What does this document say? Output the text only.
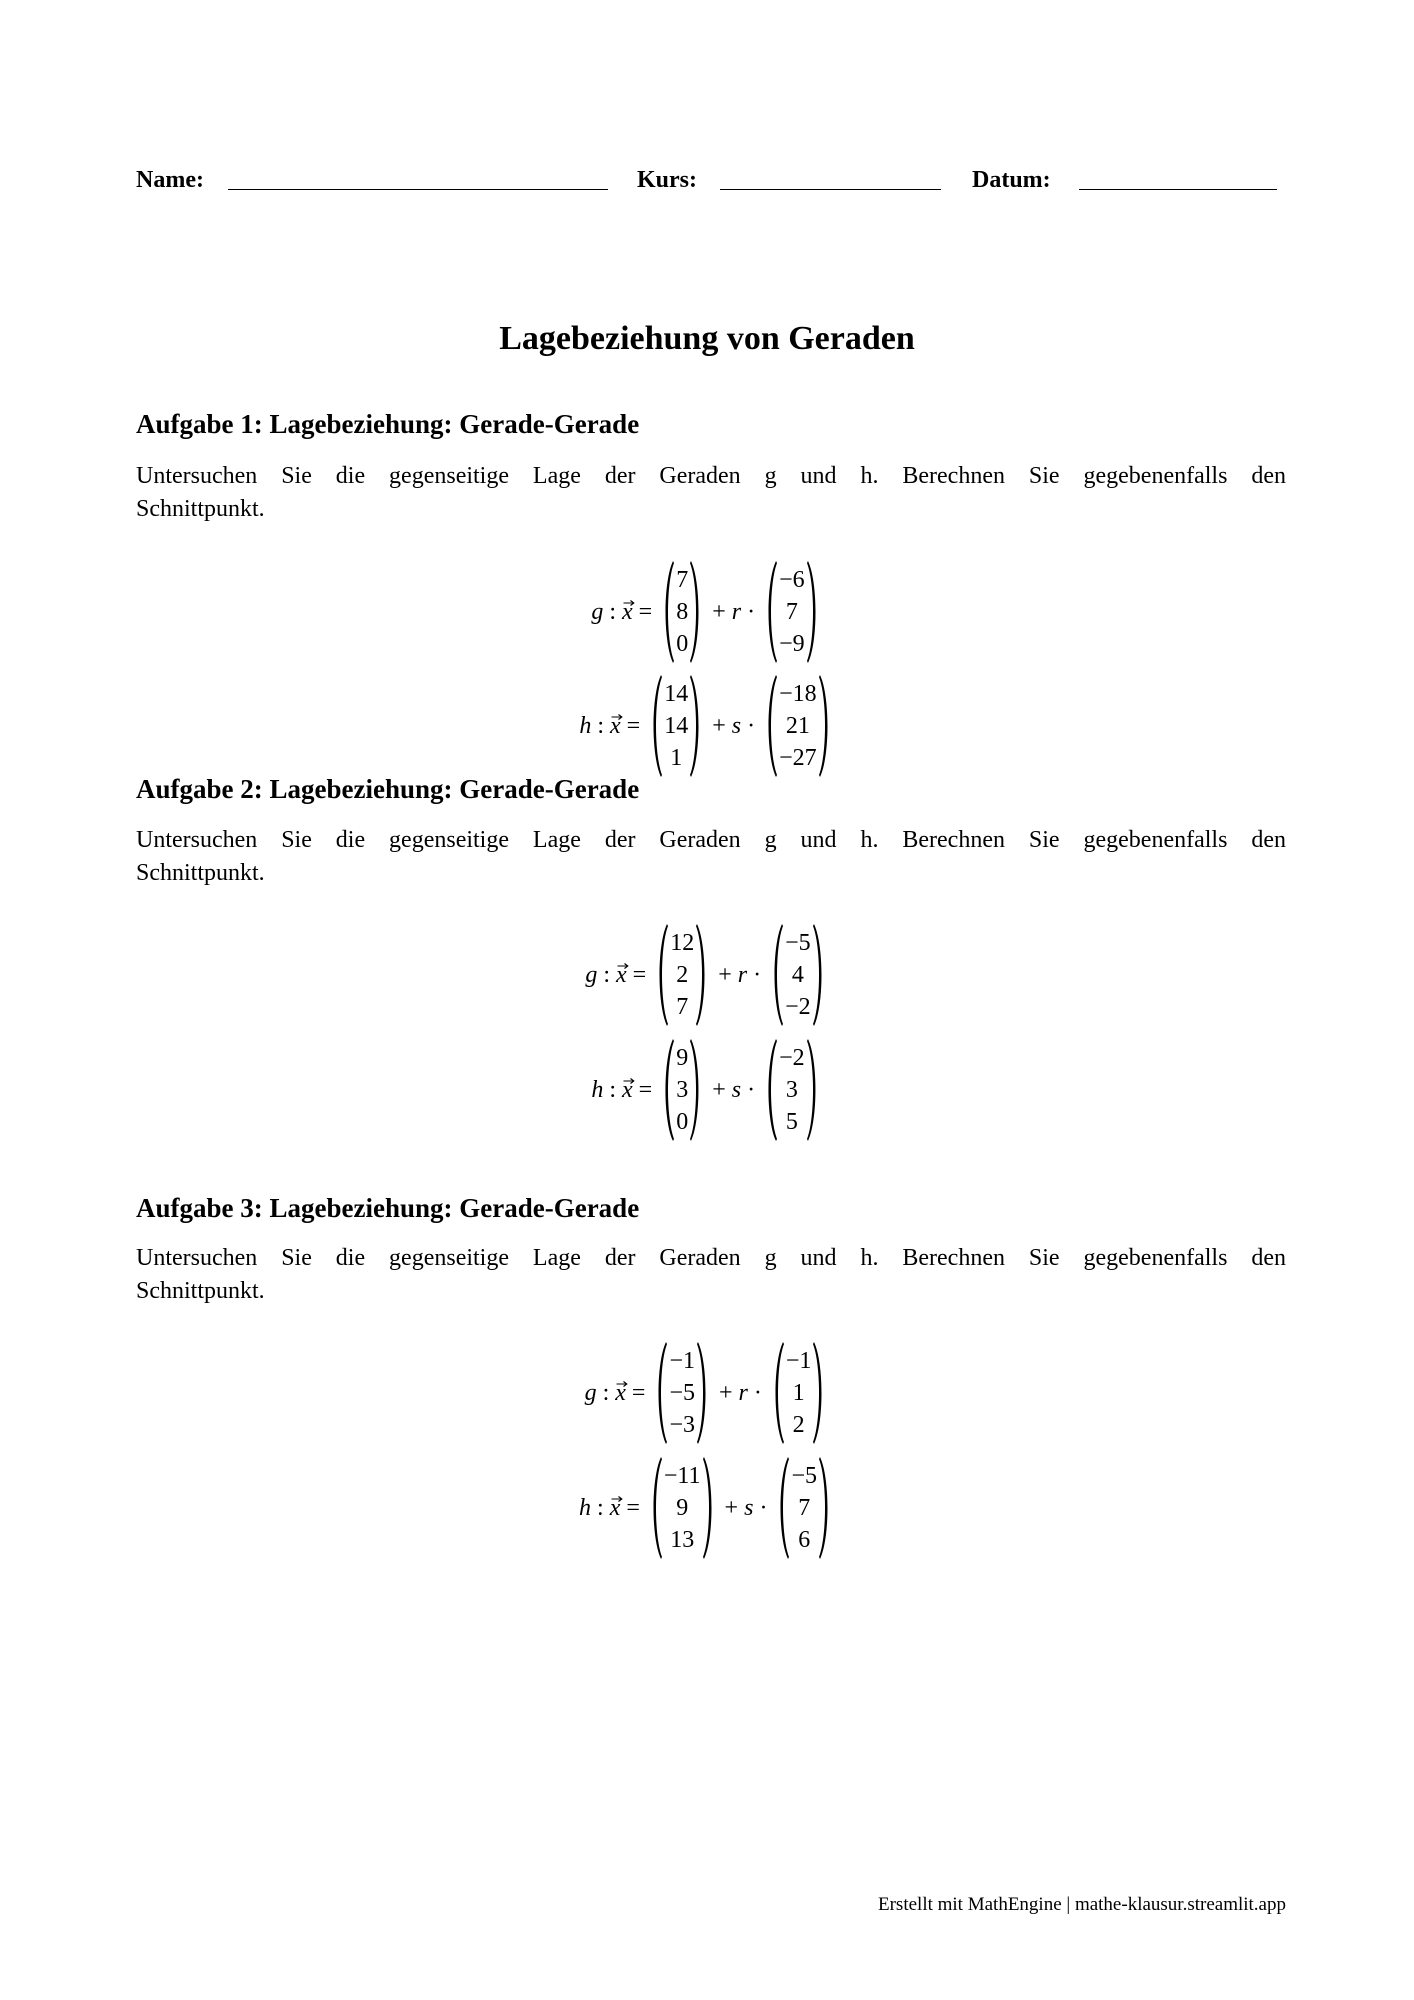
Name:	Kurs:	Datum:
Lagebeziehung von Geraden
Aufgabe 1: Lagebeziehung: Gerade-Gerade
Untersuchen Sie die gegenseitige Lage der Geraden g und h. Berechnen Sie gegebenenfalls den
Schnittpunkt.
g : x =
7
8
0
+ r ·
−6
7
−9
h : x =
14
14
1
+ s ·
−18
21
−27
Aufgabe 2: Lagebeziehung: Gerade-Gerade
Untersuchen Sie die gegenseitige Lage der Geraden g und h. Berechnen Sie gegebenenfalls den
Schnittpunkt.
g : x =
12
2
7
+ r ·
−5
4
−2
h : x =
9
3
0
+ s ·
−2
3
5
Aufgabe 3: Lagebeziehung: Gerade-Gerade
Untersuchen Sie die gegenseitige Lage der Geraden g und h. Berechnen Sie gegebenenfalls den
Schnittpunkt.
g : x =
−1
−5
−3
+ r ·
−1
1
2
h : x =
−11
9
13
+ s ·
−5
7
6
Erstellt mit MathEngine | mathe-klausur.streamlit.app
